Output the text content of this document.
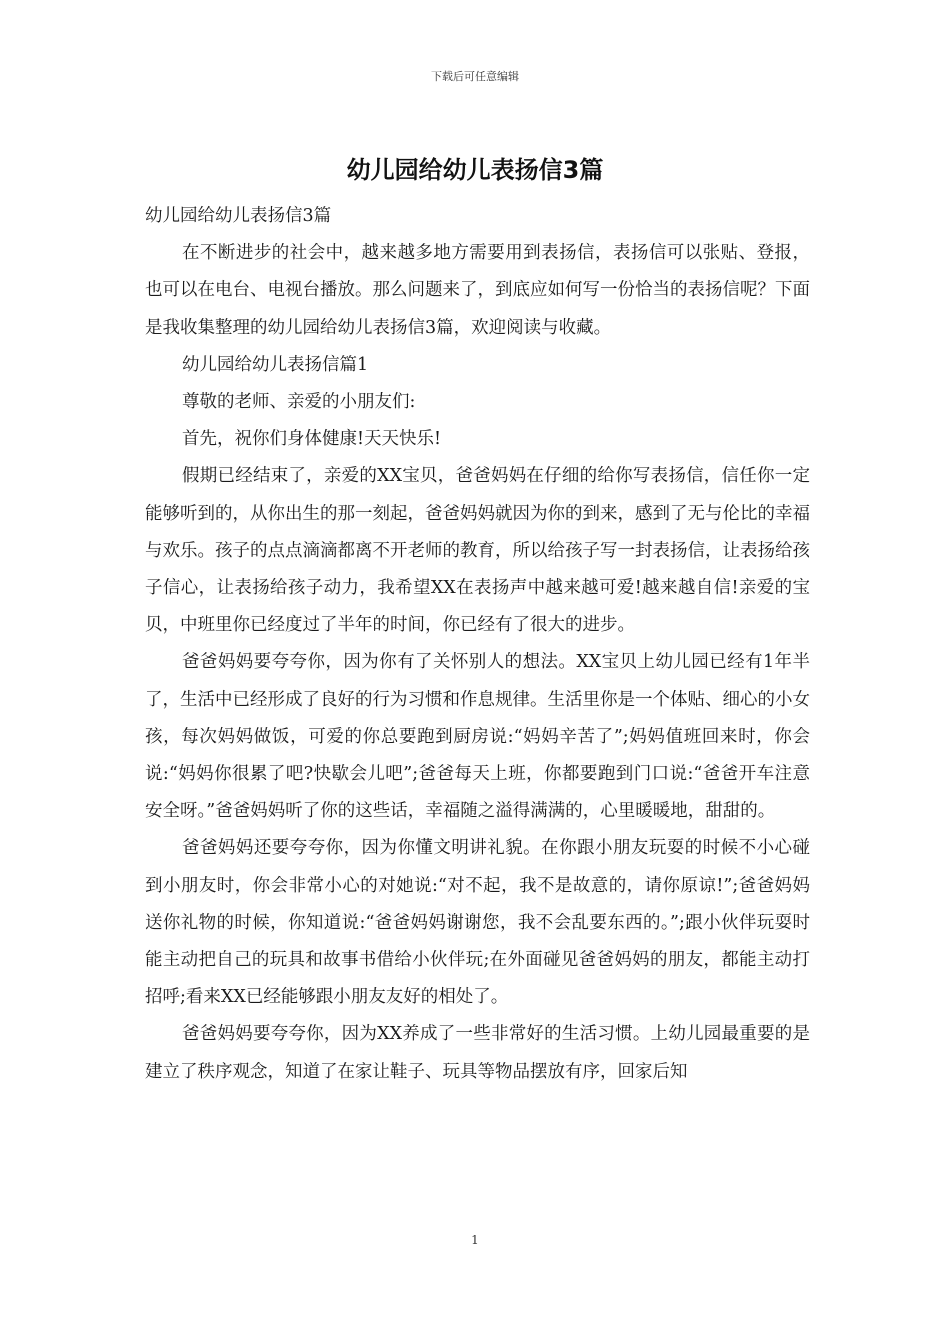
下载后可任意编辑
幼儿园给幼儿表扬信3篇

幼儿园给幼儿表扬信3篇

在不断进步的社会中，越来越多地方需要用到表扬信，表扬信可以张贴、登报，也可以在电台、电视台播放。那么问题来了，到底应如何写一份恰当的表扬信呢？下面是我收集整理的幼儿园给幼儿表扬信3篇，欢迎阅读与收藏。

幼儿园给幼儿表扬信篇1

尊敬的老师、亲爱的小朋友们:

首先，祝你们身体健康!天天快乐!

假期已经结束了，亲爱的XX宝贝，爸爸妈妈在仔细的给你写表扬信，信任你一定能够听到的，从你出生的那一刻起，爸爸妈妈就因为你的到来，感到了无与伦比的幸福与欢乐。孩子的点点滴滴都离不开老师的教育，所以给孩子写一封表扬信，让表扬给孩子信心，让表扬给孩子动力，我希望XX在表扬声中越来越可爱!越来越自信!亲爱的宝贝，中班里你已经度过了半年的时间，你已经有了很大的进步。

爸爸妈妈要夸夸你，因为你有了关怀别人的想法。XX宝贝上幼儿园已经有1年半了，生活中已经形成了良好的行为习惯和作息规律。生活里你是一个体贴、细心的小女孩，每次妈妈做饭，可爱的你总要跑到厨房说:“妈妈辛苦了”;妈妈值班回来时，你会说:“妈妈你很累了吧?快歇会儿吧”;爸爸每天上班，你都要跑到门口说:“爸爸开车注意安全呀。”爸爸妈妈听了你的这些话，幸福随之溢得满满的，心里暖暖地，甜甜的。

爸爸妈妈还要夸夸你，因为你懂文明讲礼貌。在你跟小朋友玩耍的时候不小心碰到小朋友时，你会非常小心的对她说:“对不起，我不是故意的，请你原谅!”;爸爸妈妈送你礼物的时候，你知道说:“爸爸妈妈谢谢您，我不会乱要东西的。”;跟小伙伴玩耍时能主动把自己的玩具和故事书借给小伙伴玩;在外面碰见爸爸妈妈的朋友，都能主动打招呼;看来XX已经能够跟小朋友友好的相处了。

爸爸妈妈要夸夸你，因为XX养成了一些非常好的生活习惯。上幼儿园最重要的是建立了秩序观念，知道了在家让鞋子、玩具等物品摆放有序，回家后知

1
